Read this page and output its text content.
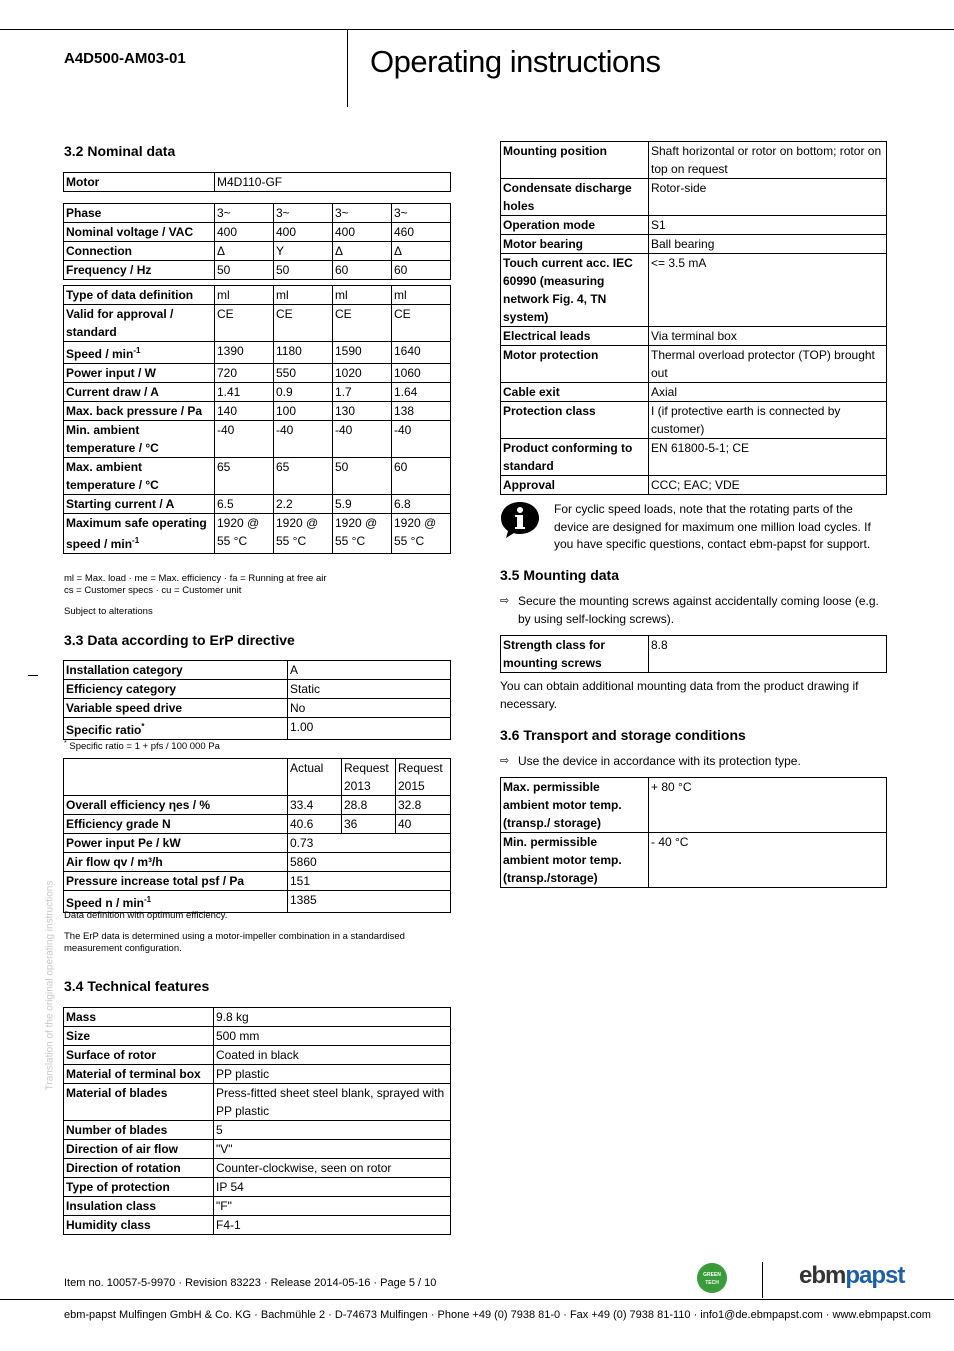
A4D500-AM03-01	Operating instructions
Translation of the original operating instructions
3.2 Nominal data
Motor	M4D110-GF
Phase	3~	3~	3~	3~
Nominal voltage / VAC	400	400	400	460
Connection	Δ	Y	Δ	Δ
Frequency / Hz	50	50	60	60
Type of data definition	ml	ml	ml	ml
Valid for approval / standard	CE	CE	CE	CE
Speed / $\min^{-1}$	1390	1180	1590	1640
Power input / W	720	550	1020	1060
Current draw / A	1.41	0.9	1.7	1.64
Max. back pressure / Pa	140	100	130	138
Min. ambient temperature / °C	-40	-40	-40	-40
Max. ambient temperature / °C	65	65	50	60
Starting current / A	6.5	2.2	5.9	6.8
Maximum safe operating speed / $\min^{-1}$	1920 @ 55 °C	1920 @ 55 °C	1920 @ 55 °C	1920 @ 55 °C
ml = Max. load · me = Max. efficiency · fa = Running at free air
cs = Customer specs · cu = Customer unit
Subject to alterations
3.3 Data according to ErP directive
Installation category	A
Efficiency category	Static
Variable speed drive	No
Specific ratio*	1.00
* Specific ratio = 1 + pfs / 100 000 Pa
	Actual	Request 2013	Request 2015
Overall efficiency ηes / %	33.4	28.8	32.8
Efficiency grade N	40.6	36	40
Power input Pe / kW	0.73		
Air flow qv / m³/h	5860		
Pressure increase total psf / Pa	151		
Speed n / $\min^{-1}$	1385		
Data definition with optimum efficiency.
The ErP data is determined using a motor-impeller combination in a standardised measurement configuration.
3.4 Technical features
Mass	9.8 kg
Size	500 mm
Surface of rotor	Coated in black
Material of terminal box	PP plastic
Material of blades	Press-fitted sheet steel blank, sprayed with PP plastic
Number of blades	5
Direction of air flow	"V"
Direction of rotation	Counter-clockwise, seen on rotor
Type of protection	IP 54
Insulation class	"F"
Humidity class	F4-1
Mounting position	Shaft horizontal or rotor on bottom; rotor on top on request
Condensate discharge holes	Rotor-side
Operation mode	S1
Motor bearing	Ball bearing
Touch current acc. IEC 60990 (measuring network Fig. 4, TN system)	<= 3.5 mA
Electrical leads	Via terminal box
Motor protection	Thermal overload protector (TOP) brought out
Cable exit	Axial
Protection class	I (if protective earth is connected by customer)
Product conforming to standard	EN 61800-5-1; CE
Approval	CCC; EAC; VDE
For cyclic speed loads, note that the rotating parts of the device are designed for maximum one million load cycles. If you have specific questions, contact ebm-papst for support.
3.5 Mounting data
⇨ Secure the mounting screws against accidentally coming loose (e.g. by using self-locking screws).
Strength class for mounting screws	8.8
You can obtain additional mounting data from the product drawing if necessary.
3.6 Transport and storage conditions
⇨ Use the device in accordance with its protection type.
Max. permissible ambient motor temp. (transp./ storage)	+ 80 °C
Min. permissible ambient motor temp. (transp./storage)	- 40 °C
Item no. 10057-5-9970 · Revision 83223 · Release 2014-05-16 · Page 5 / 10
GREEN TECH	ebmpapst
ebm-papst Mulfingen GmbH & Co. KG · Bachmühle 2 · D-74673 Mulfingen · Phone +49 (0) 7938 81-0 · Fax +49 (0) 7938 81-110 · info1@de.ebmpapst.com · www.ebmpapst.com
